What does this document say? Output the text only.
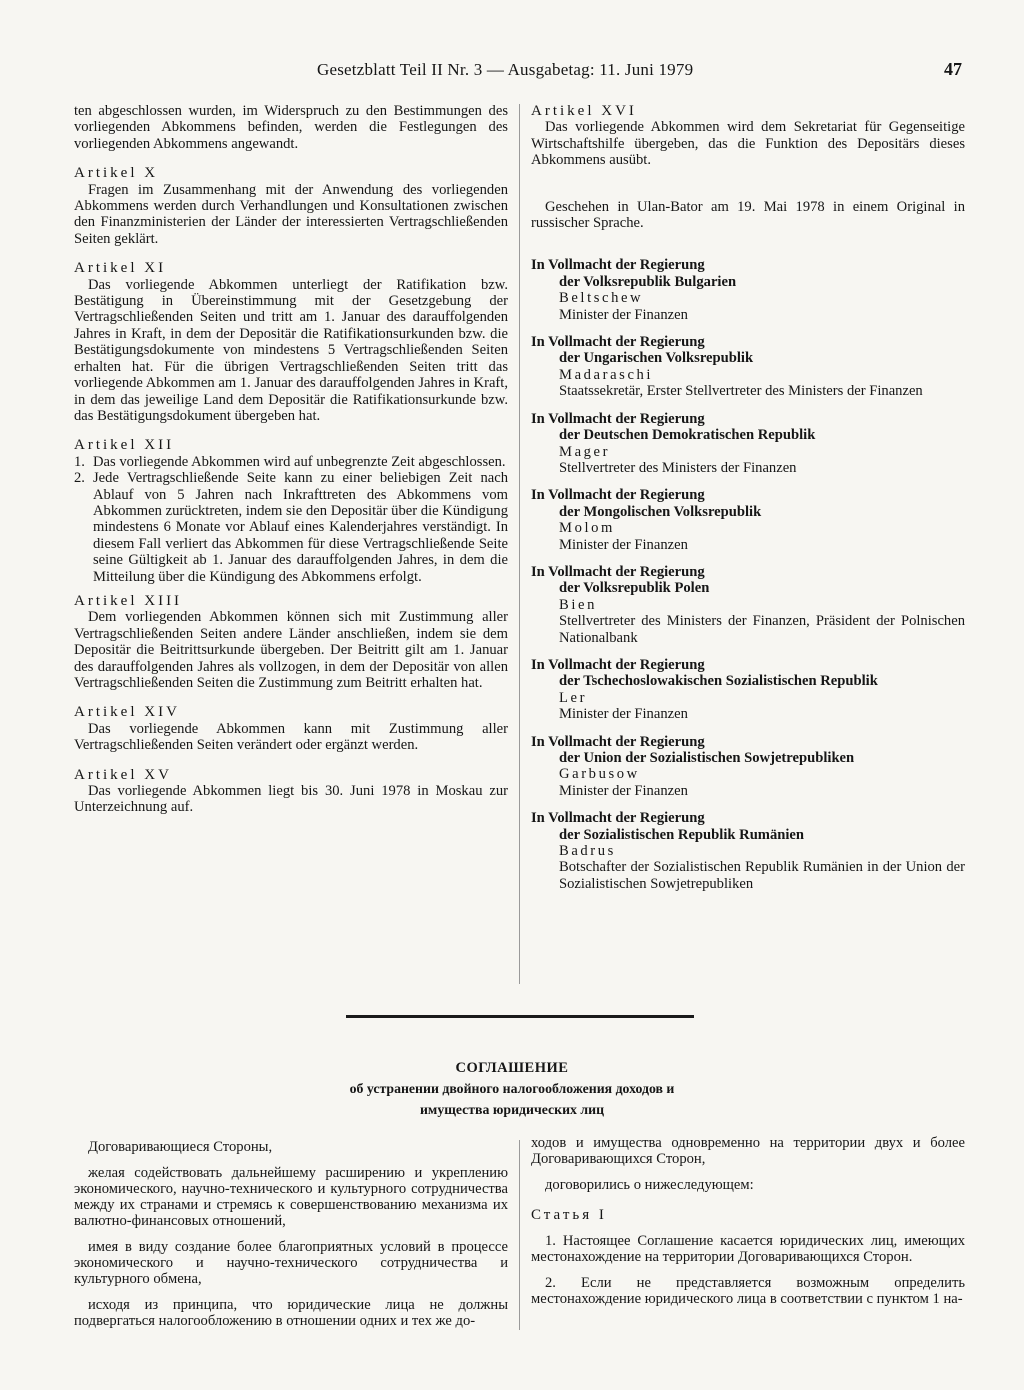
Gesetzblatt Teil II Nr. 3 — Ausgabetag: 11. Juni 1979	47

ten abgeschlossen wurden, im Widerspruch zu den Bestimmungen des vorliegenden Abkommens befinden, werden die Festlegungen des vorliegenden Abkommens angewandt.

Artikel X

Fragen im Zusammenhang mit der Anwendung des vorliegenden Abkommens werden durch Verhandlungen und Konsultationen zwischen den Finanzministerien der Länder der interessierten Vertragschließenden Seiten geklärt.

Artikel XI

Das vorliegende Abkommen unterliegt der Ratifikation bzw. Bestätigung in Übereinstimmung mit der Gesetzgebung der Vertragschließenden Seiten und tritt am 1. Januar des darauffolgenden Jahres in Kraft, in dem der Depositär die Ratifikationsurkunden bzw. die Bestätigungsdokumente von mindestens 5 Vertragschließenden Seiten erhalten hat. Für die übrigen Vertragschließenden Seiten tritt das vorliegende Abkommen am 1. Januar des darauffolgenden Jahres in Kraft, in dem das jeweilige Land dem Depositär die Ratifikationsurkunde bzw. das Bestätigungsdokument übergeben hat.

Artikel XII

1. Das vorliegende Abkommen wird auf unbegrenzte Zeit abgeschlossen.
2. Jede Vertragschließende Seite kann zu einer beliebigen Zeit nach Ablauf von 5 Jahren nach Inkrafttreten des Abkommens vom Abkommen zurücktreten, indem sie den Depositär über die Kündigung mindestens 6 Monate vor Ablauf eines Kalenderjahres verständigt. In diesem Fall verliert das Abkommen für diese Vertragschließende Seite seine Gültigkeit ab 1. Januar des darauffolgenden Jahres, in dem die Mitteilung über die Kündigung des Abkommens erfolgt.

Artikel XIII

Dem vorliegenden Abkommen können sich mit Zustimmung aller Vertragschließenden Seiten andere Länder anschließen, indem sie dem Depositär die Beitrittsurkunde übergeben. Der Beitritt gilt am 1. Januar des darauffolgenden Jahres als vollzogen, in dem der Depositär von allen Vertragschließenden Seiten die Zustimmung zum Beitritt erhalten hat.

Artikel XIV

Das vorliegende Abkommen kann mit Zustimmung aller Vertragschließenden Seiten verändert oder ergänzt werden.

Artikel XV

Das vorliegende Abkommen liegt bis 30. Juni 1978 in Moskau zur Unterzeichnung auf.

Artikel XVI

Das vorliegende Abkommen wird dem Sekretariat für Gegenseitige Wirtschaftshilfe übergeben, das die Funktion des Depositärs dieses Abkommens ausübt.

Geschehen in Ulan-Bator am 19. Mai 1978 in einem Original in russischer Sprache.

In Vollmacht der Regierung
der Volksrepublik Bulgarien
Beltschew
Minister der Finanzen
In Vollmacht der Regierung
der Ungarischen Volksrepublik
Madaraschi
Staatssekretär, Erster Stellvertreter des Ministers der Finanzen
In Vollmacht der Regierung
der Deutschen Demokratischen Republik
Mager
Stellvertreter des Ministers der Finanzen
In Vollmacht der Regierung
der Mongolischen Volksrepublik
Molom
Minister der Finanzen
In Vollmacht der Regierung
der Volksrepublik Polen
Bien
Stellvertreter des Ministers der Finanzen, Präsident der Polnischen Nationalbank
In Vollmacht der Regierung
der Tschechoslowakischen Sozialistischen Republik
Ler
Minister der Finanzen
In Vollmacht der Regierung
der Union der Sozialistischen Sowjetrepubliken
Garbusow
Minister der Finanzen
In Vollmacht der Regierung
der Sozialistischen Republik Rumänien
Badrus
Botschafter der Sozialistischen Republik Rumänien in der Union der Sozialistischen Sowjetrepubliken
СОГЛАШЕНИЕ
об устранении двойного налогообложения доходов и
имущества юридических лиц

Договаривающиеся Стороны,

желая содействовать дальнейшему расширению и укреплению экономического, научно-технического и культурного сотрудничества между их странами и стремясь к совершенствованию механизма их валютно-финансовых отношений,

имея в виду создание более благоприятных условий в процессе экономического и научно-технического сотрудничества и культурного обмена,

исходя из принципа, что юридические лица не должны подвергаться налогообложению в отношении одних и тех же до-

ходов и имущества одновременно на территории двух и более Договаривающихся Сторон,

договорились о нижеследующем:

Статья I

1. Настоящее Соглашение касается юридических лиц, имеющих местонахождение на территории Договаривающихся Сторон.

2. Если не представляется возможным определить местонахождение юридического лица в соответствии с пунктом 1 на-
